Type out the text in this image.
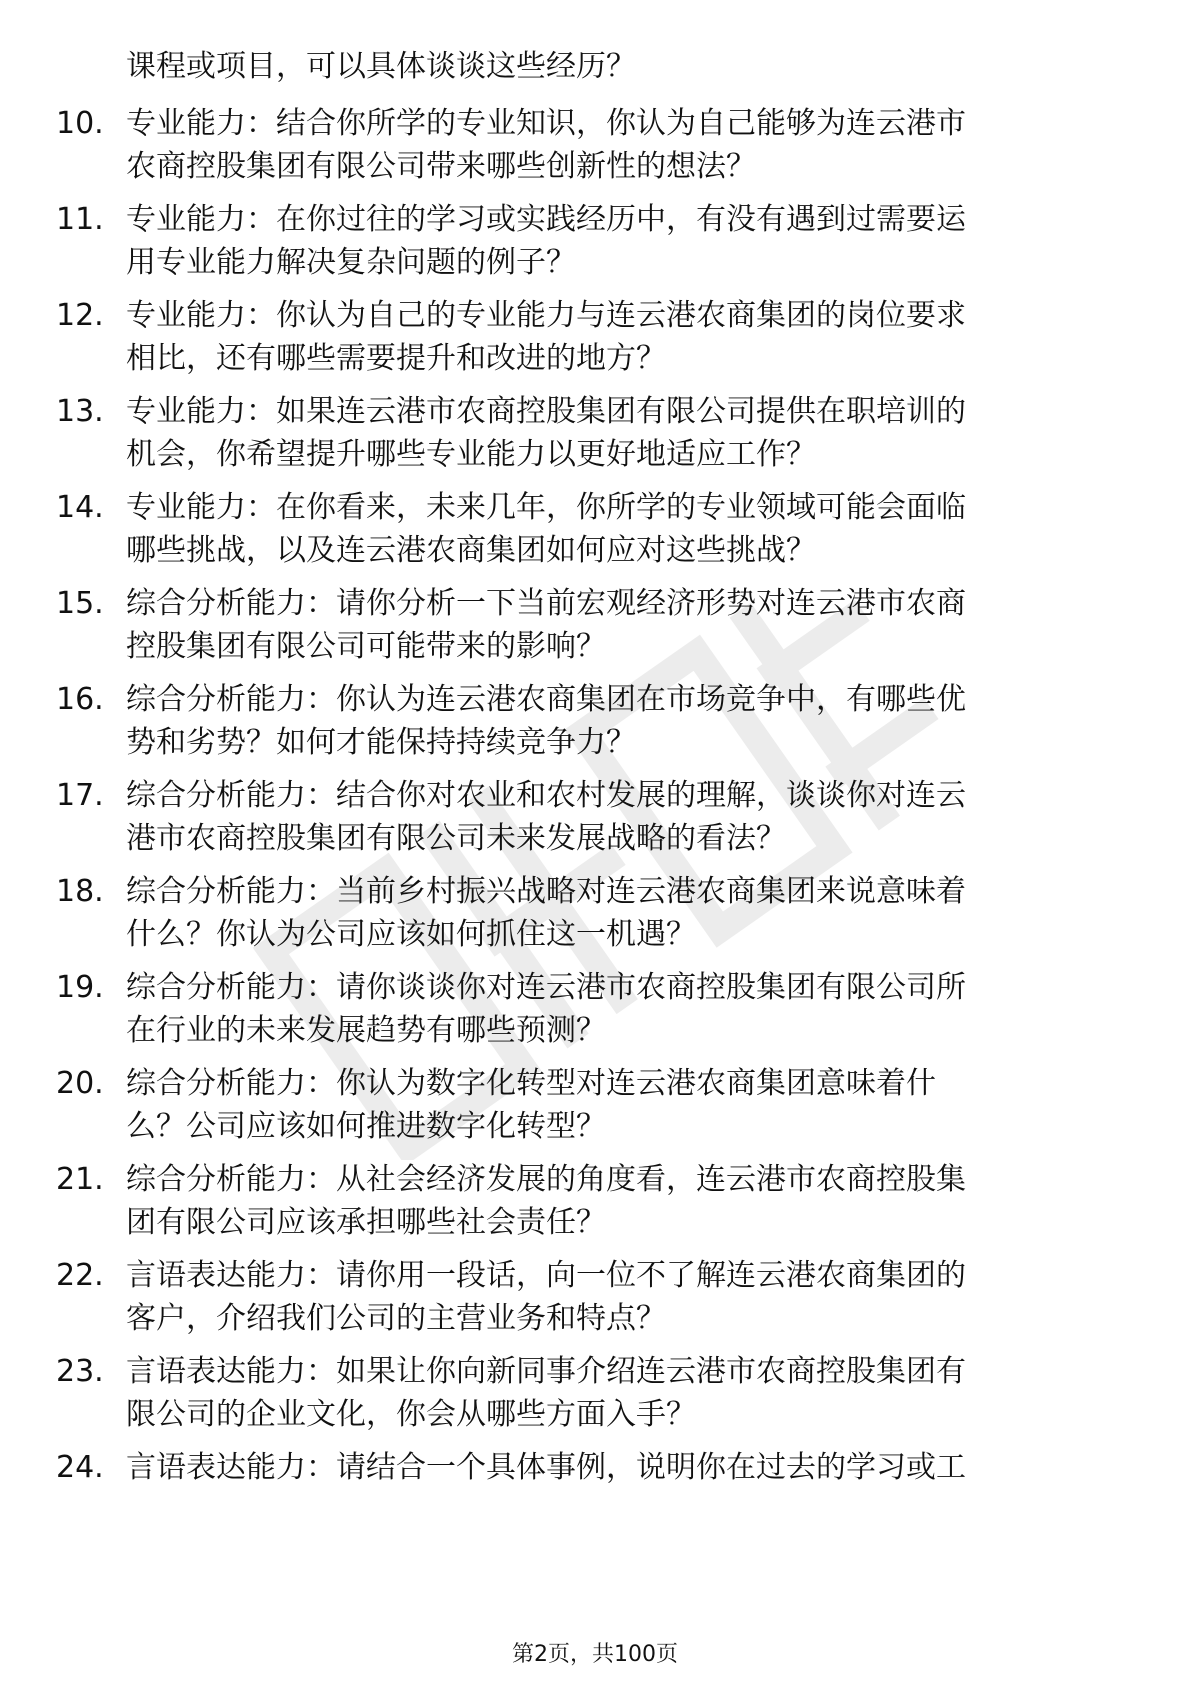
课程或项目，可以具体谈谈这些经历？
10. 专业能力：结合你所学的专业知识，你认为自己能够为连云港市
农商控股集团有限公司带来哪些创新性的想法？
11. 专业能力：在你过往的学习或实践经历中，有没有遇到过需要运
用专业能力解决复杂问题的例子？
12. 专业能力：你认为自己的专业能力与连云港农商集团的岗位要求
相比，还有哪些需要提升和改进的地方？
13. 专业能力：如果连云港市农商控股集团有限公司提供在职培训的
机会，你希望提升哪些专业能力以更好地适应工作？
14. 专业能力：在你看来，未来几年，你所学的专业领域可能会面临
哪些挑战，以及连云港农商集团如何应对这些挑战？
15. 综合分析能力：请你分析一下当前宏观经济形势对连云港市农商
控股集团有限公司可能带来的影响？
16. 综合分析能力：你认为连云港农商集团在市场竞争中，有哪些优
势和劣势？如何才能保持持续竞争力？
17. 综合分析能力：结合你对农业和农村发展的理解，谈谈你对连云
港市农商控股集团有限公司未来发展战略的看法？
18. 综合分析能力：当前乡村振兴战略对连云港农商集团来说意味着
什么？你认为公司应该如何抓住这一机遇？
19. 综合分析能力：请你谈谈你对连云港市农商控股集团有限公司所
在行业的未来发展趋势有哪些预测？
20. 综合分析能力：你认为数字化转型对连云港农商集团意味着什
么？公司应该如何推进数字化转型？
21. 综合分析能力：从社会经济发展的角度看，连云港市农商控股集
团有限公司应该承担哪些社会责任？
22. 言语表达能力：请你用一段话，向一位不了解连云港农商集团的
客户，介绍我们公司的主营业务和特点？
23. 言语表达能力：如果让你向新同事介绍连云港市农商控股集团有
限公司的企业文化，你会从哪些方面入手？
24. 言语表达能力：请结合一个具体事例，说明你在过去的学习或工
第2页，共100页
